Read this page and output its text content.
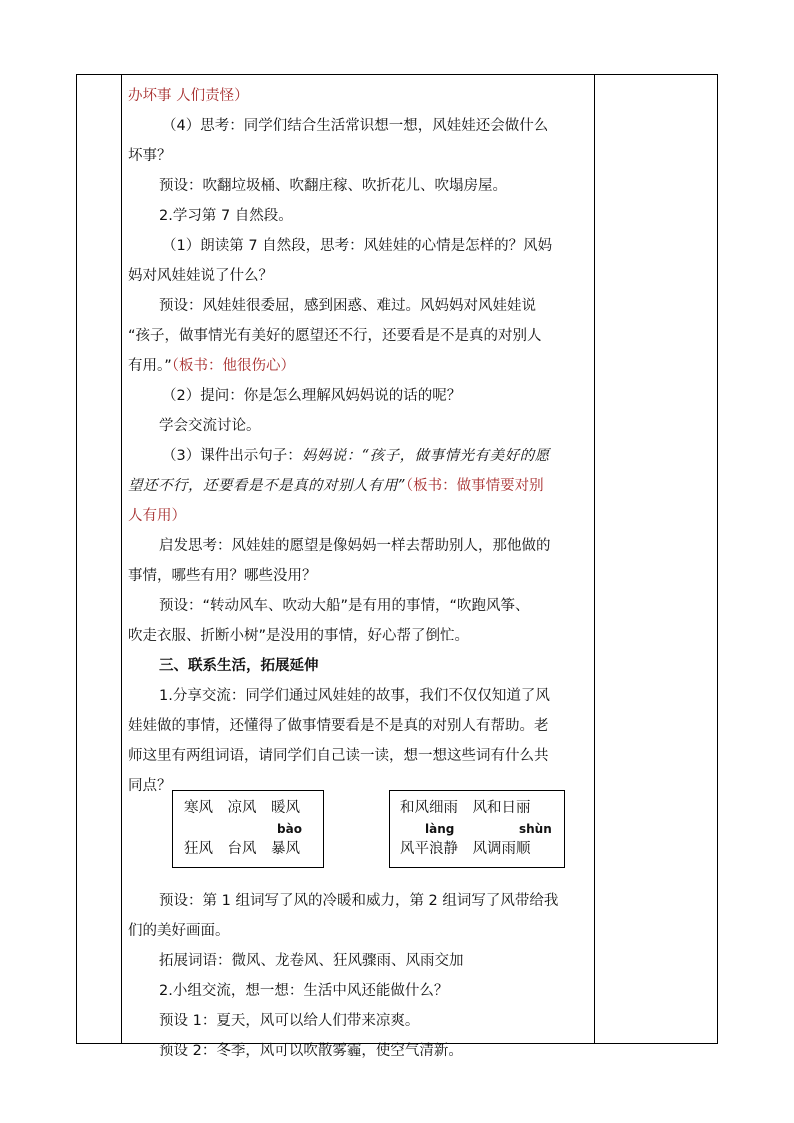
办坏事 人们责怪）
（4）思考：同学们结合生活常识想一想，风娃娃还会做什么
坏事？
预设：吹翻垃圾桶、吹翻庄稼、吹折花儿、吹塌房屋。
2.学习第 7 自然段。
（1）朗读第 7 自然段，思考：风娃娃的心情是怎样的？风妈
妈对风娃娃说了什么？
预设：风娃娃很委屈，感到困惑、难过。风妈妈对风娃娃说
“孩子，做事情光有美好的愿望还不行，还要看是不是真的对别人
有用。”（板书：他很伤心）
（2）提问：你是怎么理解风妈妈说的话的呢？
学会交流讨论。
（3）课件出示句子：妈妈说：“孩子，做事情光有美好的愿
望还不行，还要看是不是真的对别人有用”（板书：做事情要对别
人有用）
启发思考：风娃娃的愿望是像妈妈一样去帮助别人，那他做的
事情，哪些有用？哪些没用？
预设：“转动风车、吹动大船”是有用的事情，“吹跑风筝、
吹走衣服、折断小树”是没用的事情，好心帮了倒忙。
三、联系生活，拓展延伸
1.分享交流：同学们通过风娃娃的故事，我们不仅仅知道了风
娃娃做的事情，还懂得了做事情要看是不是真的对别人有帮助。老
师这里有两组词语，请同学们自己读一读，想一想这些词有什么共
同点？
预设：第 1 组词写了风的冷暖和威力，第 2 组词写了风带给我
们的美好画面。
拓展词语：微风、龙卷风、狂风骤雨、风雨交加
2.小组交流，想一想：生活中风还能做什么？
预设 1：夏天，风可以给人们带来凉爽。
预设 2：冬季，风可以吹散雾霾，使空气清新。
寒风　凉风　暖风
bào
狂风　台风　暴风
和风细雨　风和日丽
làng	shùn
风平浪静　风调雨顺
